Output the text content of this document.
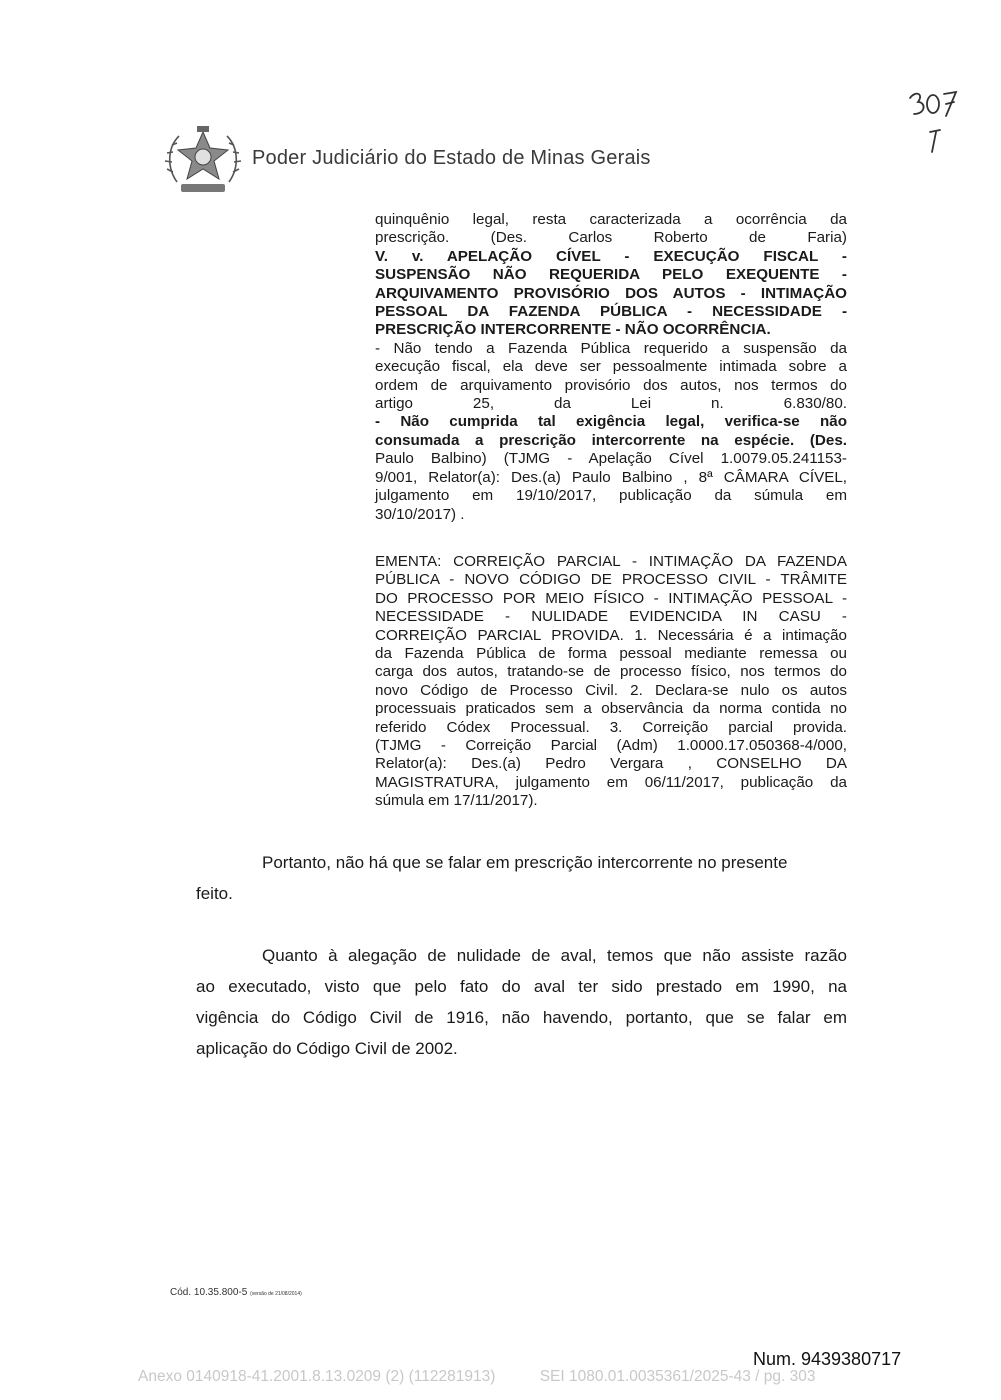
Poder Judiciário do Estado de Minas Gerais
quinquênio legal, resta caracterizada a ocorrência da
prescrição. (Des. Carlos Roberto de Faria)
V. v. APELAÇÃO CÍVEL - EXECUÇÃO FISCAL -
SUSPENSÃO NÃO REQUERIDA PELO EXEQUENTE -
ARQUIVAMENTO PROVISÓRIO DOS AUTOS - INTIMAÇÃO
PESSOAL DA FAZENDA PÚBLICA - NECESSIDADE -
PRESCRIÇÃO INTERCORRENTE - NÃO OCORRÊNCIA.
- Não tendo a Fazenda Pública requerido a suspensão da
execução fiscal, ela deve ser pessoalmente intimada sobre a
ordem de arquivamento provisório dos autos, nos termos do
artigo 25, da Lei n. 6.830/80.
- Não cumprida tal exigência legal, verifica-se não
consumada a prescrição intercorrente na espécie. (Des.
Paulo Balbino) (TJMG - Apelação Cível 1.0079.05.241153-
9/001, Relator(a): Des.(a) Paulo Balbino , 8ª CÂMARA CÍVEL,
julgamento em 19/10/2017, publicação da súmula em
30/10/2017) .
EMENTA: CORREIÇÃO PARCIAL - INTIMAÇÃO DA FAZENDA
PÚBLICA - NOVO CÓDIGO DE PROCESSO CIVIL - TRÂMITE
DO PROCESSO POR MEIO FÍSICO - INTIMAÇÃO PESSOAL -
NECESSIDADE - NULIDADE EVIDENCIDA IN CASU -
CORREIÇÃO PARCIAL PROVIDA. 1. Necessária é a intimação
da Fazenda Pública de forma pessoal mediante remessa ou
carga dos autos, tratando-se de processo físico, nos termos do
novo Código de Processo Civil. 2. Declara-se nulo os autos
processuais praticados sem a observância da norma contida no
referido Códex Processual. 3. Correição parcial provida.
(TJMG - Correição Parcial (Adm) 1.0000.17.050368-4/000,
Relator(a): Des.(a) Pedro Vergara , CONSELHO DA
MAGISTRATURA, julgamento em 06/11/2017, publicação da
súmula em 17/11/2017).
Portanto, não há que se falar em prescrição intercorrente no presente
feito.
Quanto à alegação de nulidade de aval, temos que não assiste razão
ao executado, visto que pelo fato do aval ter sido prestado em 1990, na
vigência do Código Civil de 1916, não havendo, portanto, que se falar em
aplicação do Código Civil de 2002.
Cód. 10.35.800-5 (versão de 21/08/2014)
Num. 9439380717
Anexo 0140918-41.2001.8.13.0209 (2) (112281913)	SEI 1080.01.0035361/2025-43 / pg. 303
